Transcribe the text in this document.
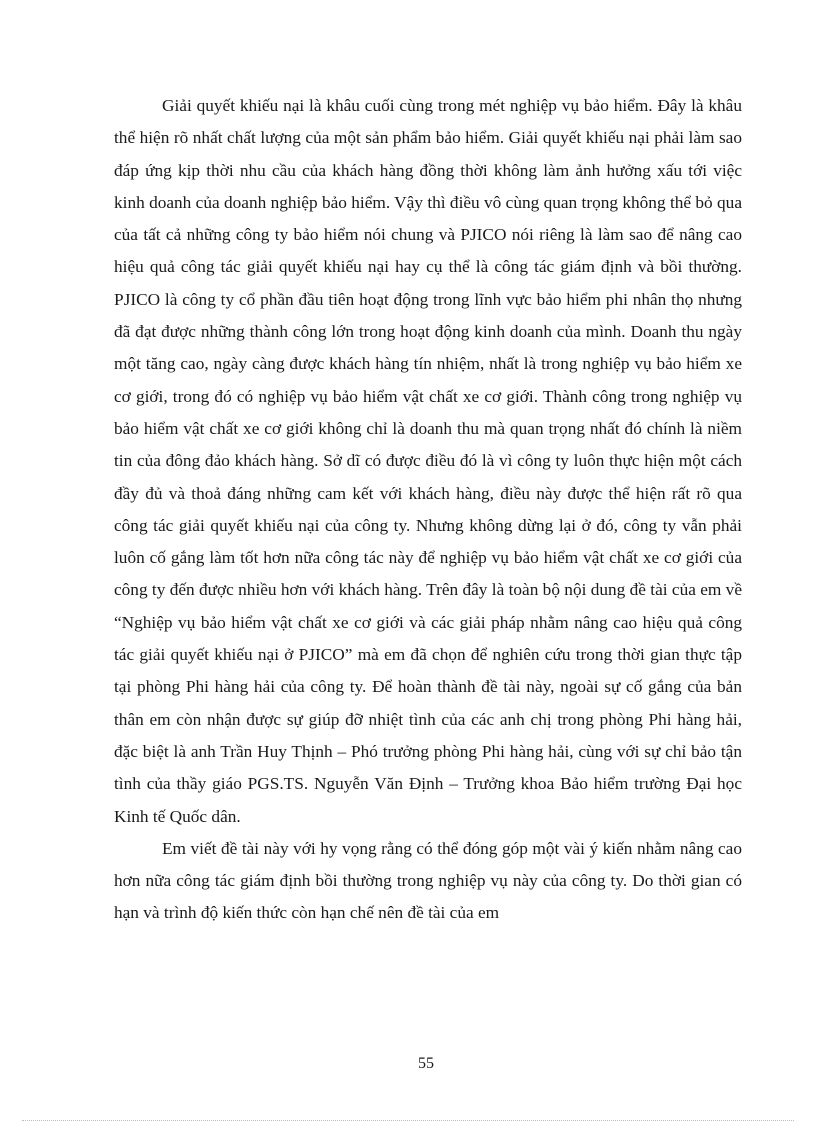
Giải quyết khiếu nại là khâu cuối cùng trong mét nghiệp vụ bảo hiểm. Đây là khâu thể hiện rõ nhất chất lượng của một sản phẩm bảo hiểm. Giải quyết khiếu nại phải làm sao đáp ứng kịp thời nhu cầu của khách hàng đồng thời không làm ảnh hưởng xấu tới việc kinh doanh của doanh nghiệp bảo hiểm. Vậy thì điều vô cùng quan trọng không thể bỏ qua của tất cả những công ty bảo hiểm nói chung và PJICO nói riêng là làm sao để nâng cao hiệu quả công tác giải quyết khiếu nại hay cụ thể là công tác giám định và bồi thường. PJICO là công ty cổ phần đầu tiên hoạt động trong lĩnh vực bảo hiểm phi nhân thọ nhưng đã đạt được những thành công lớn trong hoạt động kinh doanh của mình. Doanh thu ngày một tăng cao, ngày càng được khách hàng tín nhiệm, nhất là trong nghiệp vụ bảo hiểm xe cơ giới, trong đó có nghiệp vụ bảo hiểm vật chất xe cơ giới. Thành công trong nghiệp vụ bảo hiểm vật chất xe cơ giới không chỉ là doanh thu mà quan trọng nhất đó chính là niềm tin của đông đảo khách hàng. Sở dĩ có được điều đó là vì công ty luôn thực hiện một cách đầy đủ và thoả đáng những cam kết với khách hàng, điều này được thể hiện rất rõ qua công tác giải quyết khiếu nại của công ty. Nhưng không dừng lại ở đó, công ty vẫn phải luôn cố gắng làm tốt hơn nữa công tác này để nghiệp vụ bảo hiểm vật chất xe cơ giới của công ty đến được nhiều hơn với khách hàng. Trên đây là toàn bộ nội dung đề tài của em về “Nghiệp vụ bảo hiểm vật chất xe cơ giới và các giải pháp nhằm nâng cao hiệu quả công tác giải quyết khiếu nại ở PJICO” mà em đã chọn để nghiên cứu trong thời gian thực tập tại phòng Phi hàng hải của công ty. Để hoàn thành đề tài này, ngoài sự cố gắng của bản thân em còn nhận được sự giúp đỡ nhiệt tình của các anh chị trong phòng Phi hàng hải, đặc biệt là anh Trần Huy Thịnh – Phó trưởng phòng Phi hàng hải, cùng với sự chỉ bảo tận tình của thầy giáo PGS.TS. Nguyễn Văn Định – Trưởng khoa Bảo hiểm trường Đại học Kinh tế Quốc dân.

Em viết đề tài này với hy vọng rằng có thể đóng góp một vài ý kiến nhằm nâng cao hơn nữa công tác giám định bồi thường trong nghiệp vụ này của công ty. Do thời gian có hạn và trình độ kiến thức còn hạn chế nên đề tài của em

55
